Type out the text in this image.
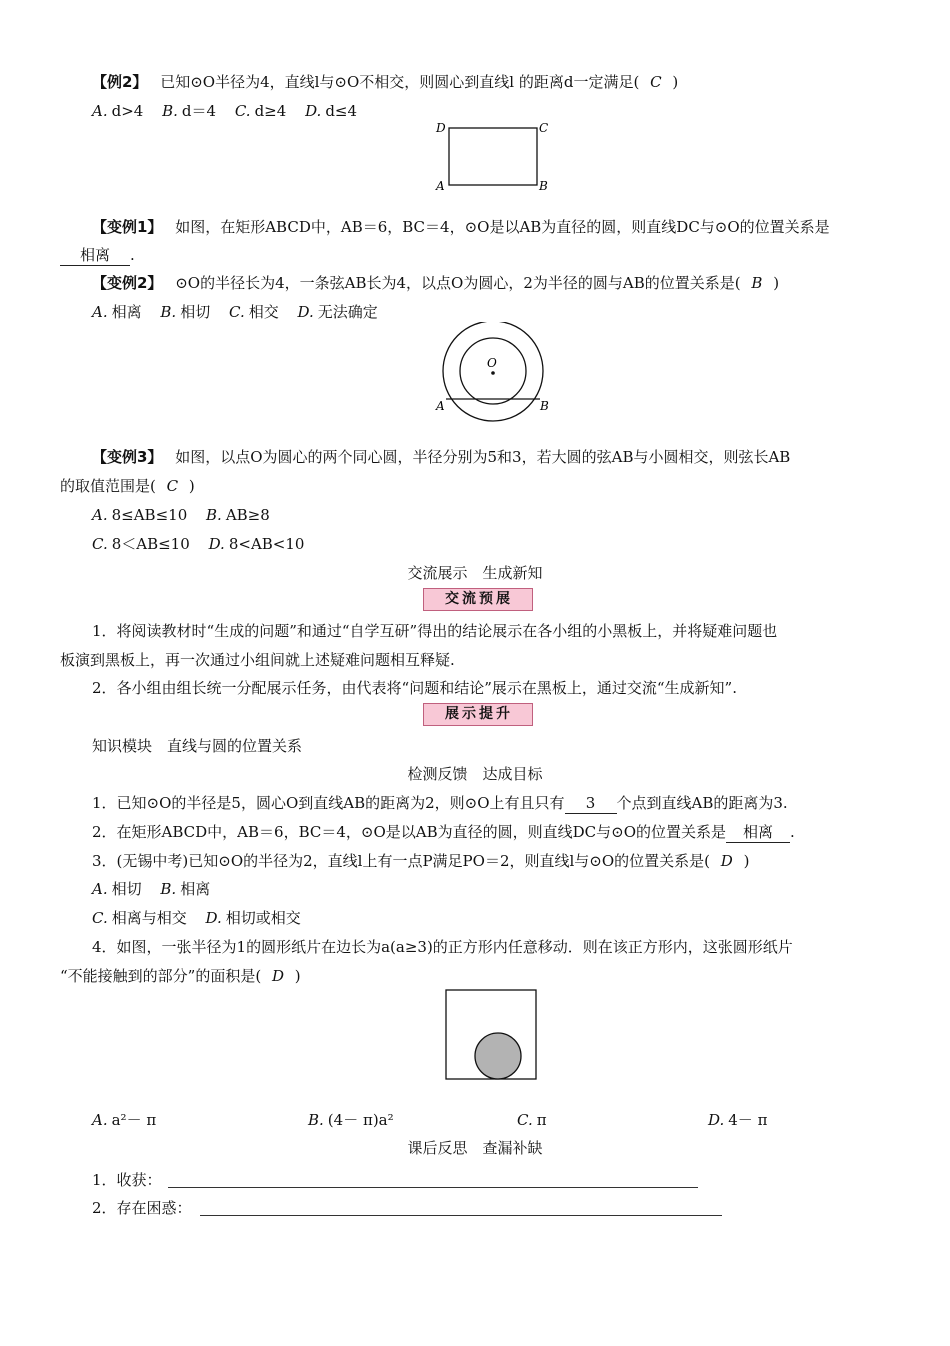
【例2】 已知⊙O半径为4，直线l与⊙O不相交，则圆心到直线l 的距离d一定满足( C )
A. d>4 B. d＝4 C. d≥4 D. d≤4
D	C
A	B
【变例1】 如图，在矩形ABCD中，AB＝6，BC＝4，⊙O是以AB为直径的圆，则直线DC与⊙O的位置关系是
相离 .
【变例2】 ⊙O的半径长为4，一条弦AB长为4，以点O为圆心，2为半径的圆与AB的位置关系是( B )
A. 相离 B. 相切 C. 相交 D. 无法确定
O
A	B
【变例3】 如图，以点O为圆心的两个同心圆，半径分别为5和3，若大圆的弦AB与小圆相交，则弦长AB
的取值范围是( C )
A. 8≤AB≤10 B. AB≥8
C. 8＜AB≤10 D. 8<AB<10
交流展示　生成新知
交 流 预 展
1．将阅读教材时“生成的问题”和通过“自学互研”得出的结论展示在各小组的小黑板上，并将疑难问题也
板演到黑板上，再一次通过小组间就上述疑难问题相互释疑.
2．各小组由组长统一分配展示任务，由代表将“问题和结论”展示在黑板上，通过交流“生成新知”.
展 示 提 升
知识模块　直线与圆的位置关系
检测反馈　达成目标
1．已知⊙O的半径是5，圆心O到直线AB的距离为2，则⊙O上有且只有 3 个点到直线AB的距离为3.
2．在矩形ABCD中，AB＝6，BC＝4，⊙O是以AB为直径的圆，则直线DC与⊙O的位置关系是 相离 .
3．(无锡中考)已知⊙O的半径为2，直线l上有一点P满足PO＝2，则直线l与⊙O的位置关系是( D )
A. 相切 B. 相离
C. 相离与相交 D. 相切或相交
4．如图，一张半径为1的圆形纸片在边长为a(a≥3)的正方形内任意移动．则在该正方形内，这张圆形纸片
“不能接触到的部分”的面积是( D )
A. a²－ π	B. (4－ π)a²	C. π	D. 4－ π
课后反思　查漏补缺
1．收获：
2．存在困惑：
